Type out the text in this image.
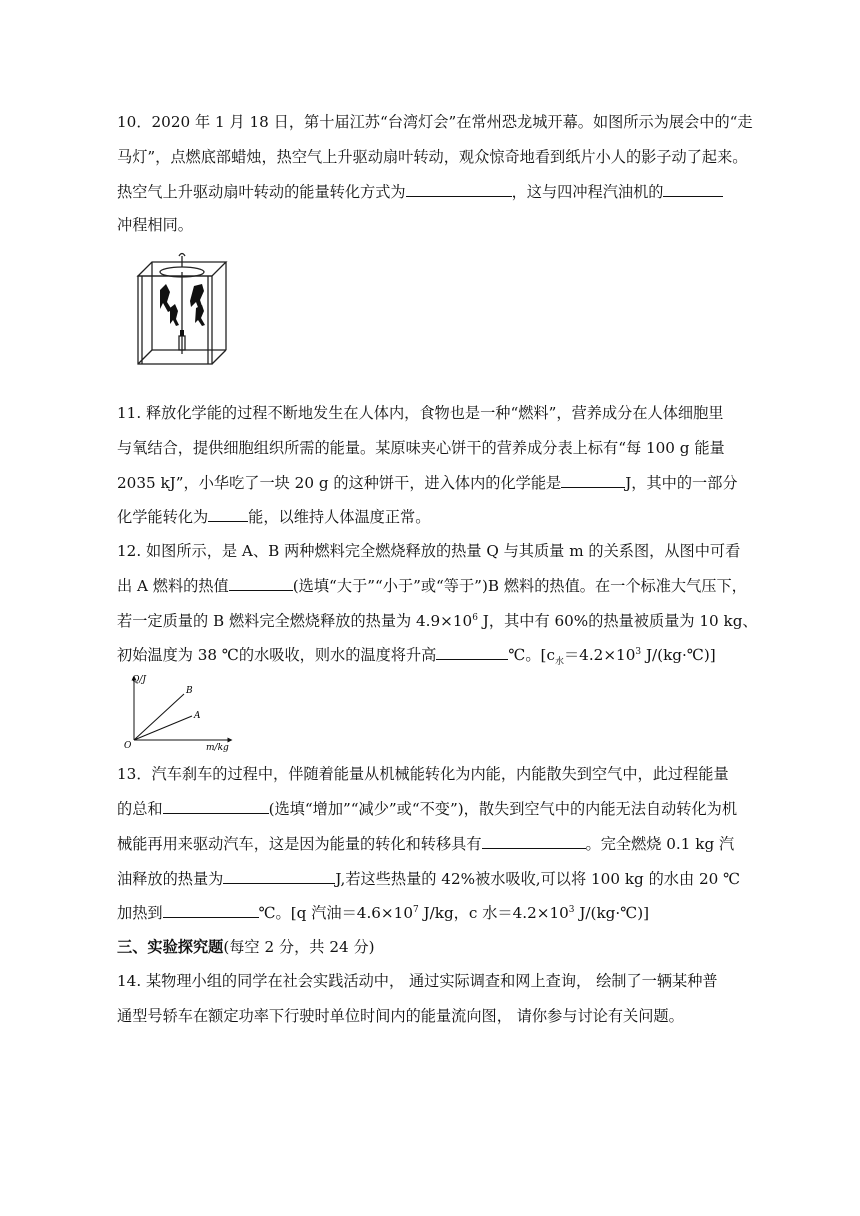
10．2020 年 1 月 18 日，第十届江苏“台湾灯会”在常州恐龙城开幕。如图所示为展会中的“走
马灯”，点燃底部蜡烛，热空气上升驱动扇叶转动，观众惊奇地看到纸片小人的影子动了起来。
热空气上升驱动扇叶转动的能量转化方式为	，这与四冲程汽油机的
冲程相同。
11. 释放化学能的过程不断地发生在人体内，食物也是一种“燃料”，营养成分在人体细胞里
与氧结合，提供细胞组织所需的能量。某原味夹心饼干的营养成分表上标有“每 100 g 能量
2035 kJ”，小华吃了一块 20 g 的这种饼干，进入体内的化学能是	J，其中的一部分
化学能转化为	能，以维持人体温度正常。
12. 如图所示，是 A、B 两种燃料完全燃烧释放的热量 Q 与其质量 m 的关系图，从图中可看
出 A 燃料的热值	(选填“大于”“小于”或“等于”)B 燃料的热值。在一个标准大气压下，
若一定质量的 B 燃料完全燃烧释放的热量为 $4.9\times 10^6$ J，其中有 60%的热量被质量为 10 kg、
初始温度为 38 ℃的水吸收，则水的温度将升高	℃。[$c_水=4.2\times 10^3$ J/(kg·℃)]
Q/J
m/kg
O
B
A
13．汽车刹车的过程中，伴随着能量从机械能转化为内能，内能散失到空气中，此过程能量
的总和	(选填“增加”“减少”或“不变”)，散失到空气中的内能无法自动转化为机
械能再用来驱动汽车，这是因为能量的转化和转移具有	。完全燃烧 0.1 kg 汽
油释放的热量为	J,若这些热量的 42%被水吸收,可以将 100 kg 的水由 20 ℃
加热到	℃。[q 汽油$=4.6\times 10^7$ J/kg，c 水$=4.2\times 10^3$ J/(kg·℃)]
三、实验探究题(每空 2 分，共 24 分)
14. 某物理小组的同学在社会实践活动中， 通过实际调查和网上查询， 绘制了一辆某种普
通型号轿车在额定功率下行驶时单位时间内的能量流向图， 请你参与讨论有关问题。
